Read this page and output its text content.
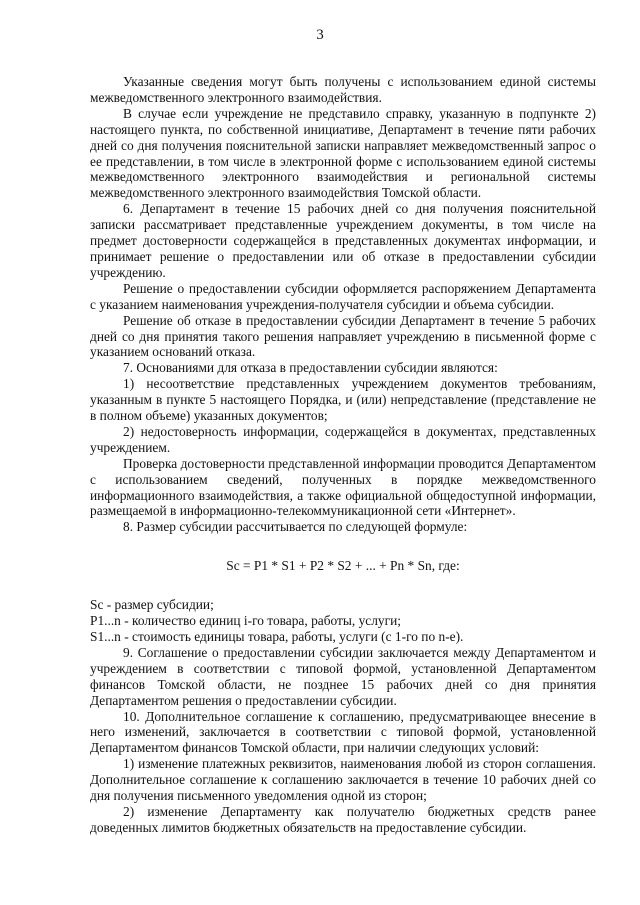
3

Указанные сведения могут быть получены с использованием единой системы межведомственного электронного взаимодействия.

В случае если учреждение не представило справку, указанную в подпункте 2) настоящего пункта, по собственной инициативе, Департамент в течение пяти рабочих дней со дня получения пояснительной записки направляет межведомственный запрос о ее представлении, в том числе в электронной форме с использованием единой системы межведомственного электронного взаимодействия и региональной системы межведомственного электронного взаимодействия Томской области.

6. Департамент в течение 15 рабочих дней со дня получения пояснительной записки рассматривает представленные учреждением документы, в том числе на предмет достоверности содержащейся в представленных документах информации, и принимает решение о предоставлении или об отказе в предоставлении субсидии учреждению.

Решение о предоставлении субсидии оформляется распоряжением Департамента с указанием наименования учреждения-получателя субсидии и объема субсидии.

Решение об отказе в предоставлении субсидии Департамент в течение 5 рабочих дней со дня принятия такого решения направляет учреждению в письменной форме с указанием оснований отказа.

7. Основаниями для отказа в предоставлении субсидии являются:

1) несоответствие представленных учреждением документов требованиям, указанным в пункте 5 настоящего Порядка, и (или) непредставление (представление не в полном объеме) указанных документов;

2) недостоверность информации, содержащейся в документах, представленных учреждением.

Проверка достоверности представленной информации проводится Департаментом с использованием сведений, полученных в порядке межведомственного информационного взаимодействия, а также официальной общедоступной информации, размещаемой в информационно-телекоммуникационной сети «Интернет».

8. Размер субсидии рассчитывается по следующей формуле:

Sc = P1 * S1 + P2 * S2 + ... + Pn * Sn, где:

Sc - размер субсидии;

P1...n - количество единиц i-го товара, работы, услуги;

S1...n - стоимость единицы товара, работы, услуги (с 1-го по n-е).

9. Соглашение о предоставлении субсидии заключается между Департаментом и учреждением в соответствии с типовой формой, установленной Департаментом финансов Томской области, не позднее 15 рабочих дней со дня принятия Департаментом решения о предоставлении субсидии.

10. Дополнительное соглашение к соглашению, предусматривающее внесение в него изменений, заключается в соответствии с типовой формой, установленной Департаментом финансов Томской области, при наличии следующих условий:

1) изменение платежных реквизитов, наименования любой из сторон соглашения. Дополнительное соглашение к соглашению заключается в течение 10 рабочих дней со дня получения письменного уведомления одной из сторон;

2) изменение Департаменту как получателю бюджетных средств ранее доведенных лимитов бюджетных обязательств на предоставление субсидии.
